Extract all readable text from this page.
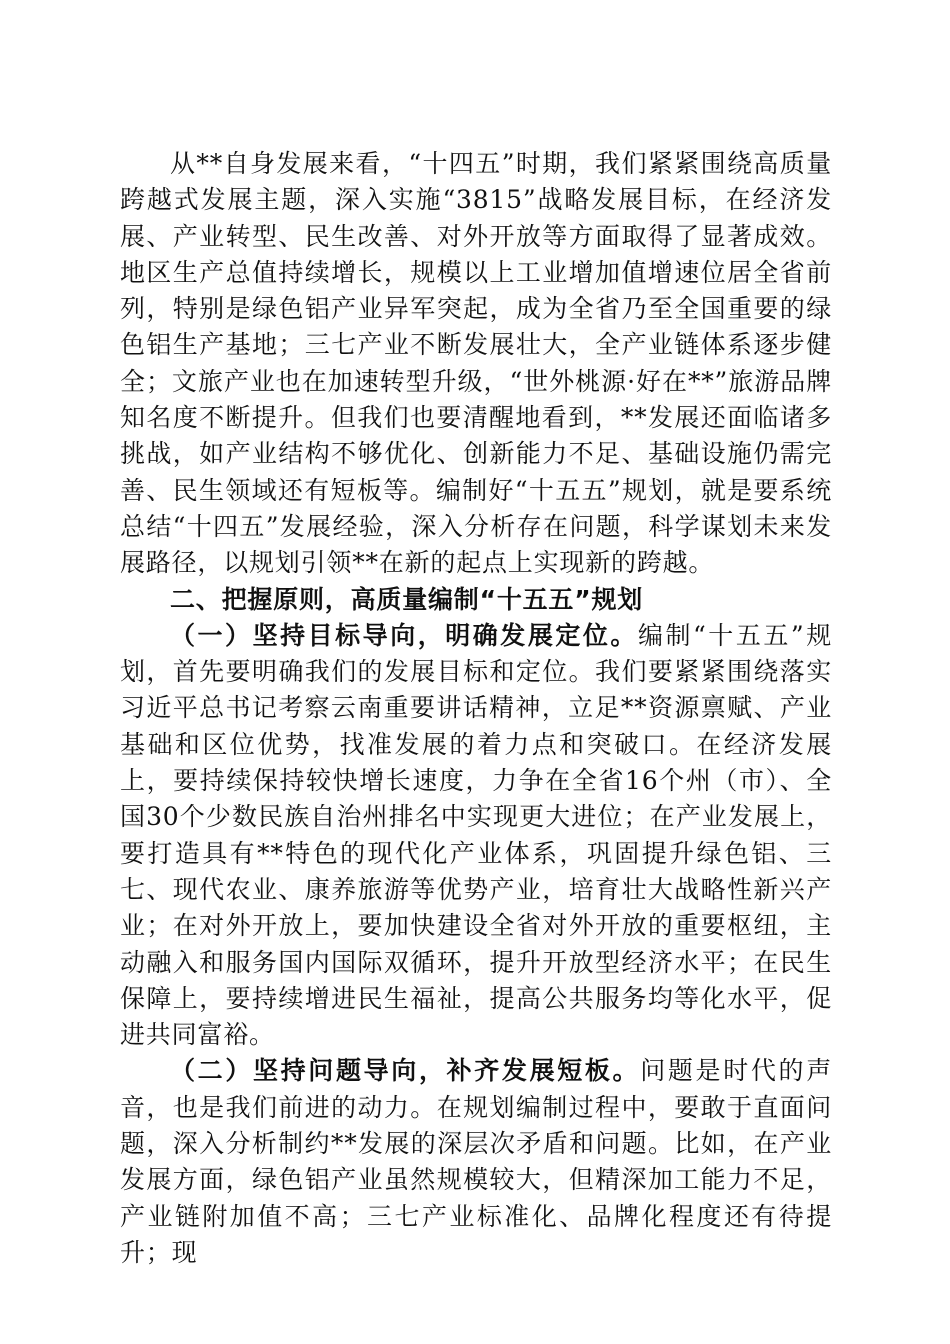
从**自身发展来看，“十四五”时期，我们紧紧围绕高质量跨越式发展主题，深入实施“3815”战略发展目标，在经济发展、产业转型、民生改善、对外开放等方面取得了显著成效。地区生产总值持续增长，规模以上工业增加值增速位居全省前列，特别是绿色铝产业异军突起，成为全省乃至全国重要的绿色铝生产基地；三七产业不断发展壮大，全产业链体系逐步健全；文旅产业也在加速转型升级，“世外桃源·好在**”旅游品牌知名度不断提升。但我们也要清醒地看到，**发展还面临诸多挑战，如产业结构不够优化、创新能力不足、基础设施仍需完善、民生领域还有短板等。编制好“十五五”规划，就是要系统总结“十四五”发展经验，深入分析存在问题，科学谋划未来发展路径，以规划引领**在新的起点上实现新的跨越。

二、把握原则，高质量编制“十五五”规划

（一）坚持目标导向，明确发展定位。编制“十五五”规划，首先要明确我们的发展目标和定位。我们要紧紧围绕落实习近平总书记考察云南重要讲话精神，立足**资源禀赋、产业基础和区位优势，找准发展的着力点和突破口。在经济发展上，要持续保持较快增长速度，力争在全省16个州（市）、全国30个少数民族自治州排名中实现更大进位；在产业发展上，要打造具有**特色的现代化产业体系，巩固提升绿色铝、三七、现代农业、康养旅游等优势产业，培育壮大战略性新兴产业；在对外开放上，要加快建设全省对外开放的重要枢纽，主动融入和服务国内国际双循环，提升开放型经济水平；在民生保障上，要持续增进民生福祉，提高公共服务均等化水平，促进共同富裕。

（二）坚持问题导向，补齐发展短板。问题是时代的声音，也是我们前进的动力。在规划编制过程中，要敢于直面问题，深入分析制约**发展的深层次矛盾和问题。比如，在产业发展方面，绿色铝产业虽然规模较大，但精深加工能力不足，产业链附加值不高；三七产业标准化、品牌化程度还有待提升；现
